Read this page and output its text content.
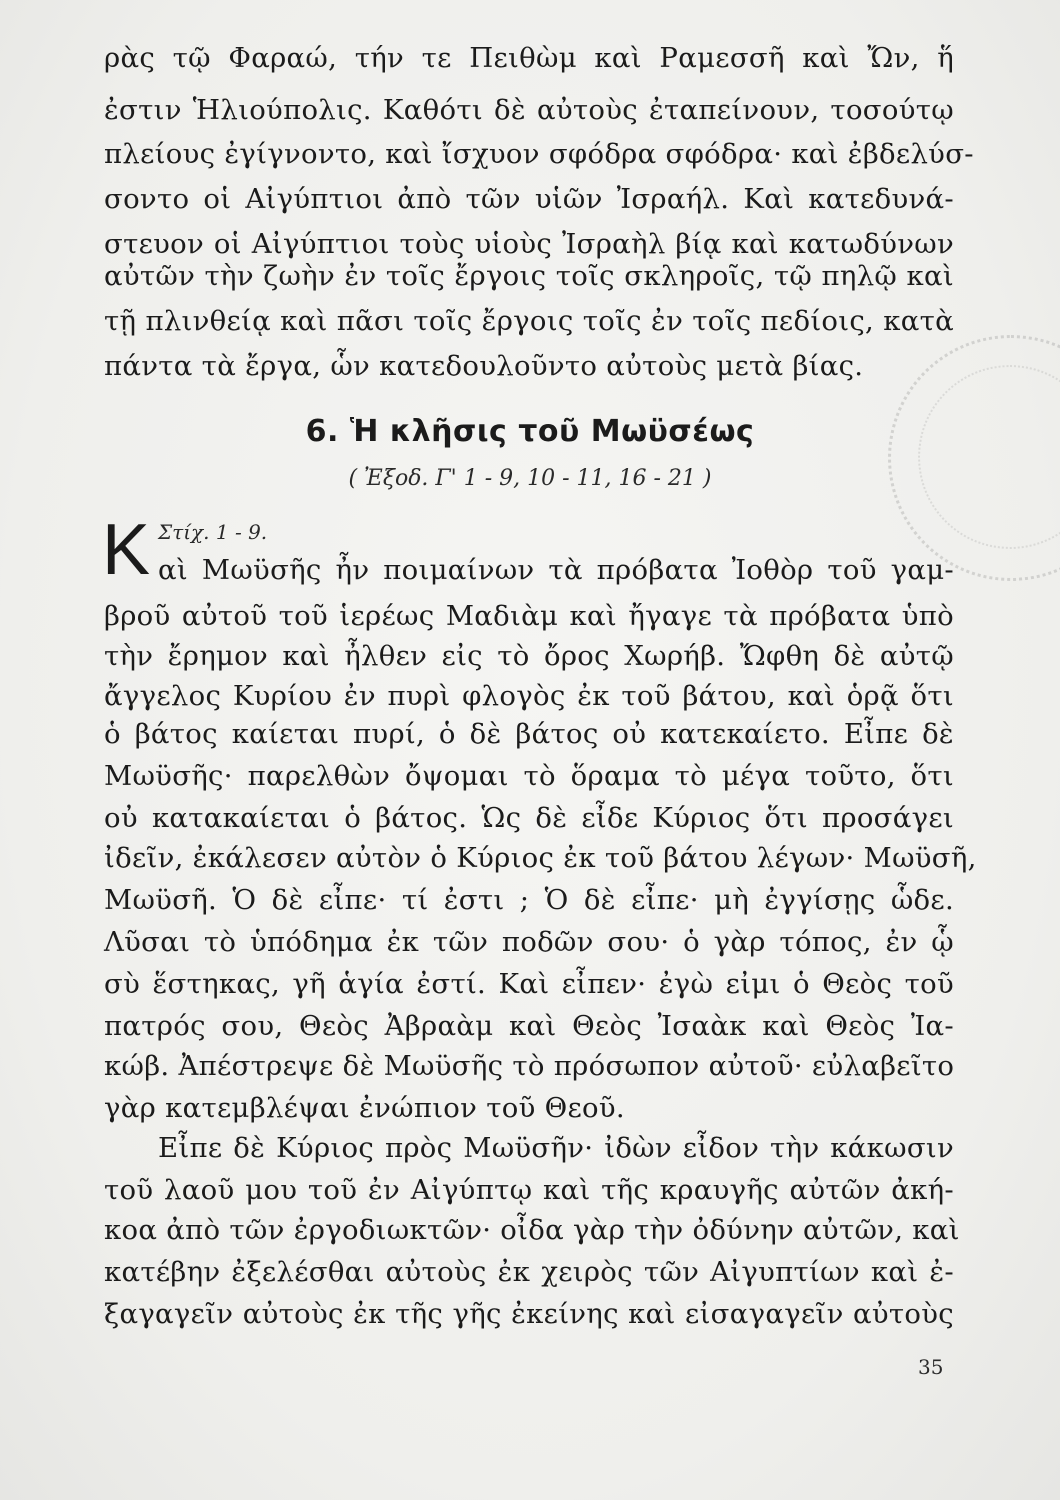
ρὰς τῷ Φαραώ, τήν τε Πειθὼμ καὶ Ραμεσσῆ καὶ Ὤν, ἥ
ἐστιν Ἡλιούπολις. Καθότι δὲ αὐτοὺς ἐταπείνουν, τοσούτῳ
πλείους ἐγίγνοντο, καὶ ἴσχυον σφόδρα σφόδρα· καὶ ἐβδελύσ-
σοντο οἱ Αἰγύπτιοι ἀπὸ τῶν υἱῶν Ἰσραήλ. Καὶ κατεδυνά-
στευον οἱ Αἰγύπτιοι τοὺς υἱοὺς Ἰσραὴλ βίᾳ καὶ κατωδύνων
αὐτῶν τὴν ζωὴν ἐν τοῖς ἔργοις τοῖς σκληροῖς, τῷ πηλῷ καὶ
τῇ πλινθείᾳ καὶ πᾶσι τοῖς ἔργοις τοῖς ἐν τοῖς πεδίοις, κατὰ
πάντα τὰ ἔργα, ὧν κατεδουλοῦντο αὐτοὺς μετὰ βίας.
6. Ἡ κλῆσις τοῦ Μωϋσέως
( Ἐξοδ. Γ' 1 - 9, 10 - 11, 16 - 21 )
Κ Στίχ. 1 - 9.
αὶ Μωϋσῆς ἦν ποιμαίνων τὰ πρόβατα Ἰοθὸρ τοῦ γαμ-
βροῦ αὐτοῦ τοῦ ἱερέως Μαδιὰμ καὶ ἤγαγε τὰ πρόβατα ὑπὸ
τὴν ἔρημον καὶ ἦλθεν εἰς τὸ ὄρος Χωρήβ. Ὤφθη δὲ αὐτῷ
ἄγγελος Κυρίου ἐν πυρὶ φλογὸς ἐκ τοῦ βάτου, καὶ ὁρᾷ ὅτι
ὁ βάτος καίεται πυρί, ὁ δὲ βάτος οὐ κατεκαίετο. Εἶπε δὲ
Μωϋσῆς· παρελθὼν ὄψομαι τὸ ὅραμα τὸ μέγα τοῦτο, ὅτι
οὐ κατακαίεται ὁ βάτος. Ὡς δὲ εἶδε Κύριος ὅτι προσάγει
ἰδεῖν, ἐκάλεσεν αὐτὸν ὁ Κύριος ἐκ τοῦ βάτου λέγων· Μωϋσῆ,
Μωϋσῆ. Ὁ δὲ εἶπε· τί ἐστι ; Ὁ δὲ εἶπε· μὴ ἐγγίσῃς ὧδε.
Λῦσαι τὸ ὑπόδημα ἐκ τῶν ποδῶν σου· ὁ γὰρ τόπος, ἐν ᾧ
σὺ ἕστηκας, γῆ ἁγία ἐστί. Καὶ εἶπεν· ἐγὼ εἰμι ὁ Θεὸς τοῦ
πατρός σου, Θεὸς Ἀβραὰμ καὶ Θεὸς Ἰσαὰκ καὶ Θεὸς Ἰα-
κώβ. Ἀπέστρεψε δὲ Μωϋσῆς τὸ πρόσωπον αὐτοῦ· εὐλαβεῖτο
γὰρ κατεμβλέψαι ἐνώπιον τοῦ Θεοῦ.
Εἶπε δὲ Κύριος πρὸς Μωϋσῆν· ἰδὼν εἶδον τὴν κάκωσιν
τοῦ λαοῦ μου τοῦ ἐν Αἰγύπτῳ καὶ τῆς κραυγῆς αὐτῶν ἀκή-
κοα ἀπὸ τῶν ἐργοδιωκτῶν· οἶδα γὰρ τὴν ὀδύνην αὐτῶν, καὶ
κατέβην ἐξελέσθαι αὐτοὺς ἐκ χειρὸς τῶν Αἰγυπτίων καὶ ἐ-
ξαγαγεῖν αὐτοὺς ἐκ τῆς γῆς ἐκείνης καὶ εἰσαγαγεῖν αὐτοὺς
35
